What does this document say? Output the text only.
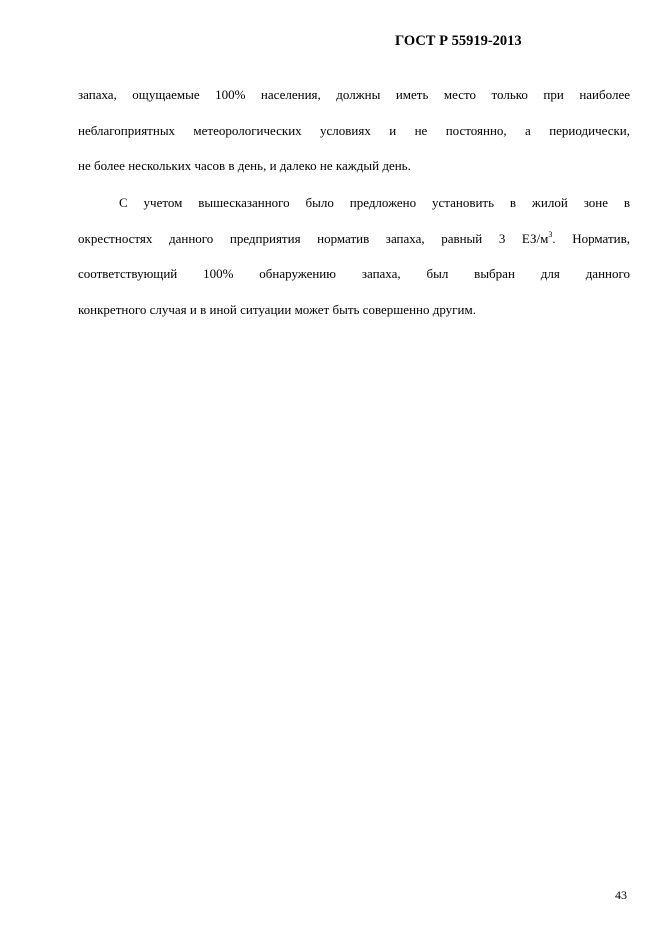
ГОСТ Р 55919-2013
запаха, ощущаемые 100% населения, должны иметь место только при наиболее
неблагоприятных метеорологических условиях и не постоянно, а периодически,
не более нескольких часов в день, и далеко не каждый день.
С учетом вышесказанного было предложено установить в жилой зоне в
окрестностях данного предприятия норматив запаха, равный 3 $ЕЗ/м^3$. Норматив,
соответствующий 100% обнаружению запаха, был выбран для данного
конкретного случая и в иной ситуации может быть совершенно другим.
43
